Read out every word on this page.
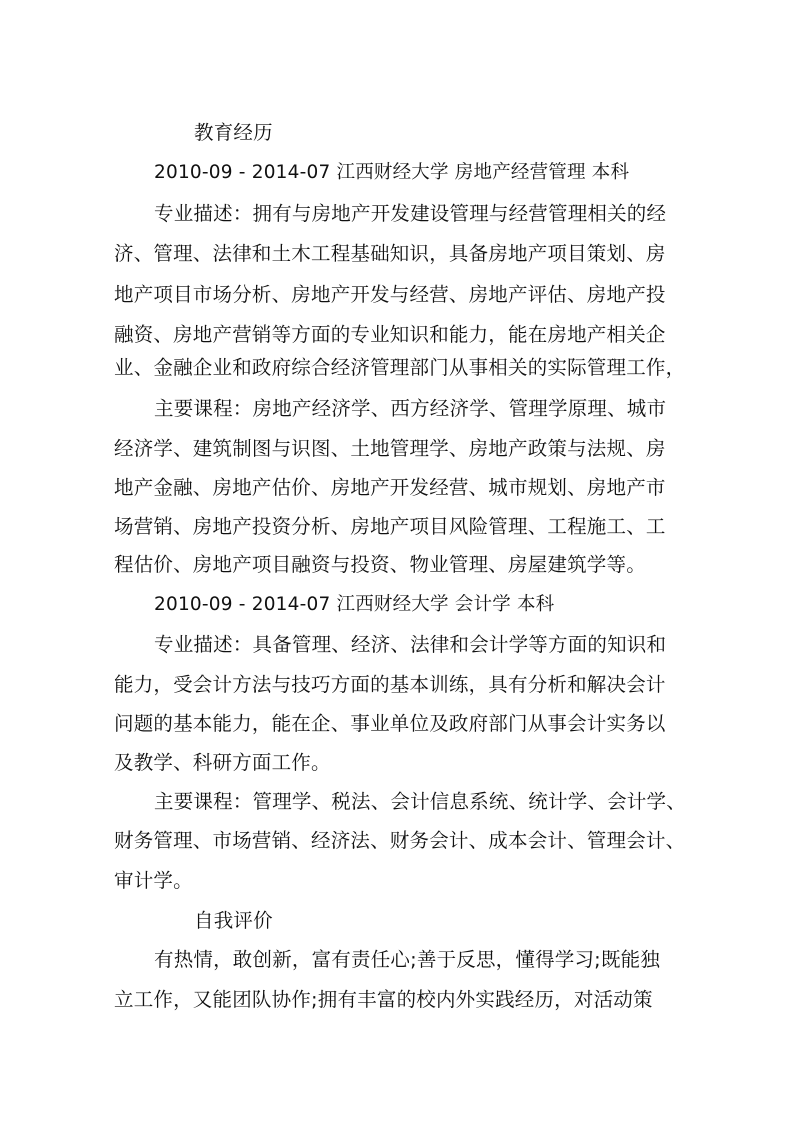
教育经历
2010-09 - 2014-07 江西财经大学 房地产经营管理 本科
专业描述：拥有与房地产开发建设管理与经营管理相关的经
济、管理、法律和土木工程基础知识，具备房地产项目策划、房
地产项目市场分析、房地产开发与经营、房地产评估、房地产投
融资、房地产营销等方面的专业知识和能力，能在房地产相关企
业、金融企业和政府综合经济管理部门从事相关的实际管理工作，
主要课程：房地产经济学、西方经济学、管理学原理、城市
经济学、建筑制图与识图、土地管理学、房地产政策与法规、房
地产金融、房地产估价、房地产开发经营、城市规划、房地产市
场营销、房地产投资分析、房地产项目风险管理、工程施工、工
程估价、房地产项目融资与投资、物业管理、房屋建筑学等。
2010-09 - 2014-07 江西财经大学 会计学 本科
专业描述：具备管理、经济、法律和会计学等方面的知识和
能力，受会计方法与技巧方面的基本训练，具有分析和解决会计
问题的基本能力，能在企、事业单位及政府部门从事会计实务以
及教学、科研方面工作。
主要课程：管理学、税法、会计信息系统、统计学、会计学、
财务管理、市场营销、经济法、财务会计、成本会计、管理会计、
审计学。
自我评价
有热情，敢创新，富有责任心;善于反思，懂得学习;既能独
立工作，又能团队协作;拥有丰富的校内外实践经历，对活动策
